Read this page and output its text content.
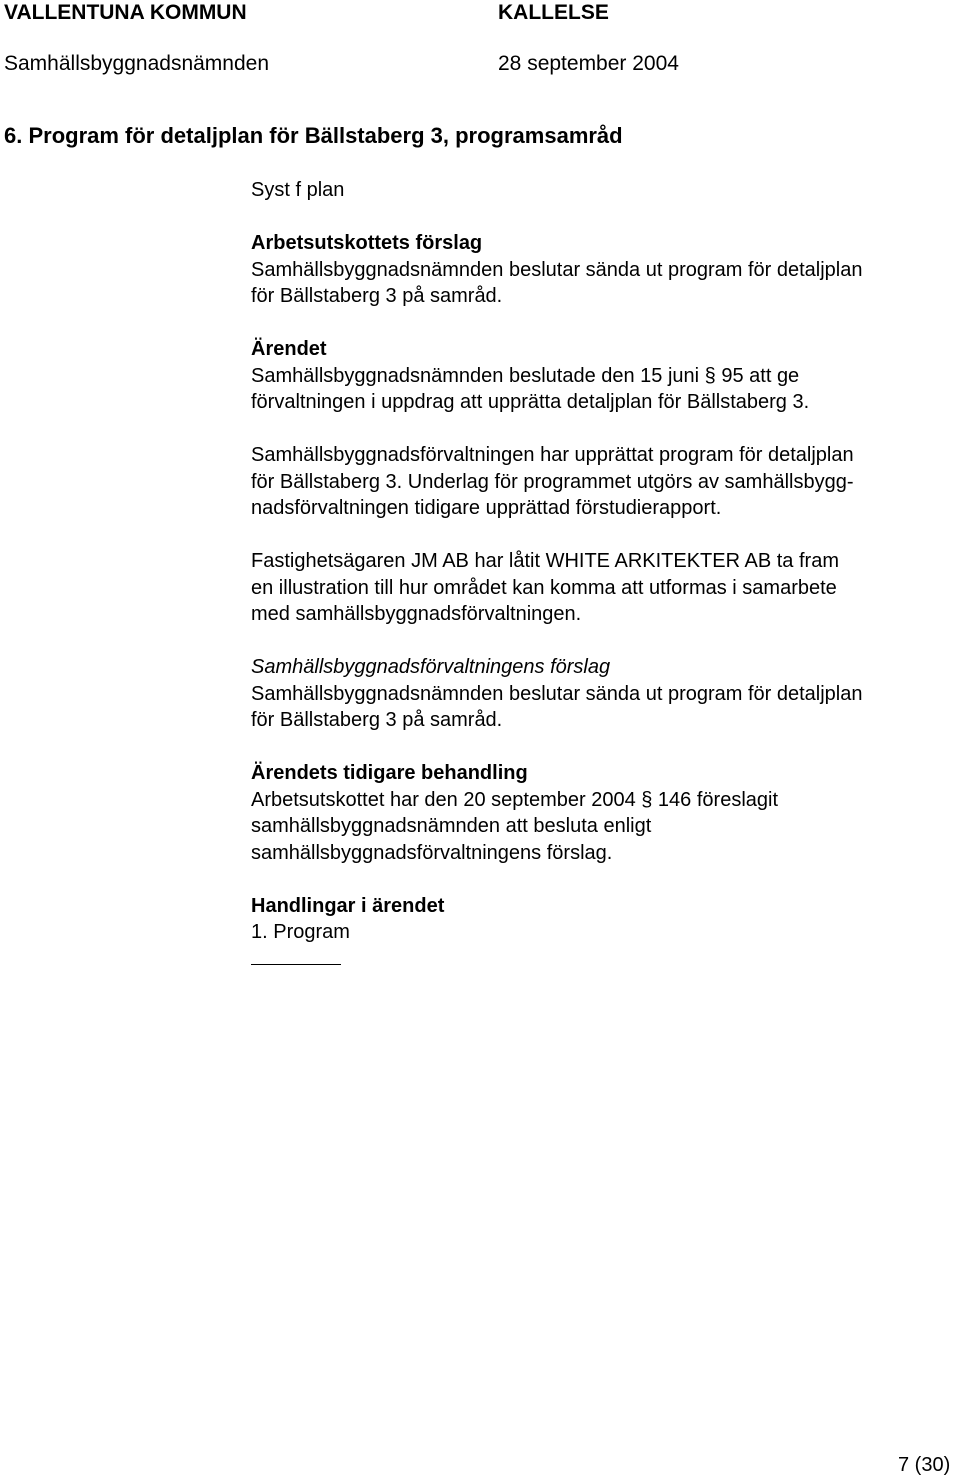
VALLENTUNA KOMMUN	KALLELSE
Samhällsbyggnadsnämnden	28 september 2004
6. Program för detaljplan för Bällstaberg 3, programsamråd
Syst f plan
Arbetsutskottets förslag
Samhällsbyggnadsnämnden beslutar sända ut program för detaljplan
för Bällstaberg 3 på samråd.
Ärendet
Samhällsbyggnadsnämnden beslutade den 15 juni § 95 att ge
förvaltningen i uppdrag att upprätta detaljplan för Bällstaberg 3.
Samhällsbyggnadsförvaltningen har upprättat program för detaljplan
för Bällstaberg 3. Underlag för programmet utgörs av samhällsbygg-
nadsförvaltningen tidigare upprättad förstudierapport.
Fastighetsägaren JM AB har låtit WHITE ARKITEKTER AB ta fram
en illustration till hur området kan komma att utformas i samarbete
med samhällsbyggnadsförvaltningen.
Samhällsbyggnadsförvaltningens förslag
Samhällsbyggnadsnämnden beslutar sända ut program för detaljplan
för Bällstaberg 3 på samråd.
Ärendets tidigare behandling
Arbetsutskottet har den 20 september 2004 § 146 föreslagit
samhällsbyggnadsnämnden att besluta enligt
samhällsbyggnadsförvaltningens förslag.
Handlingar i ärendet
1. Program
7 (30)
